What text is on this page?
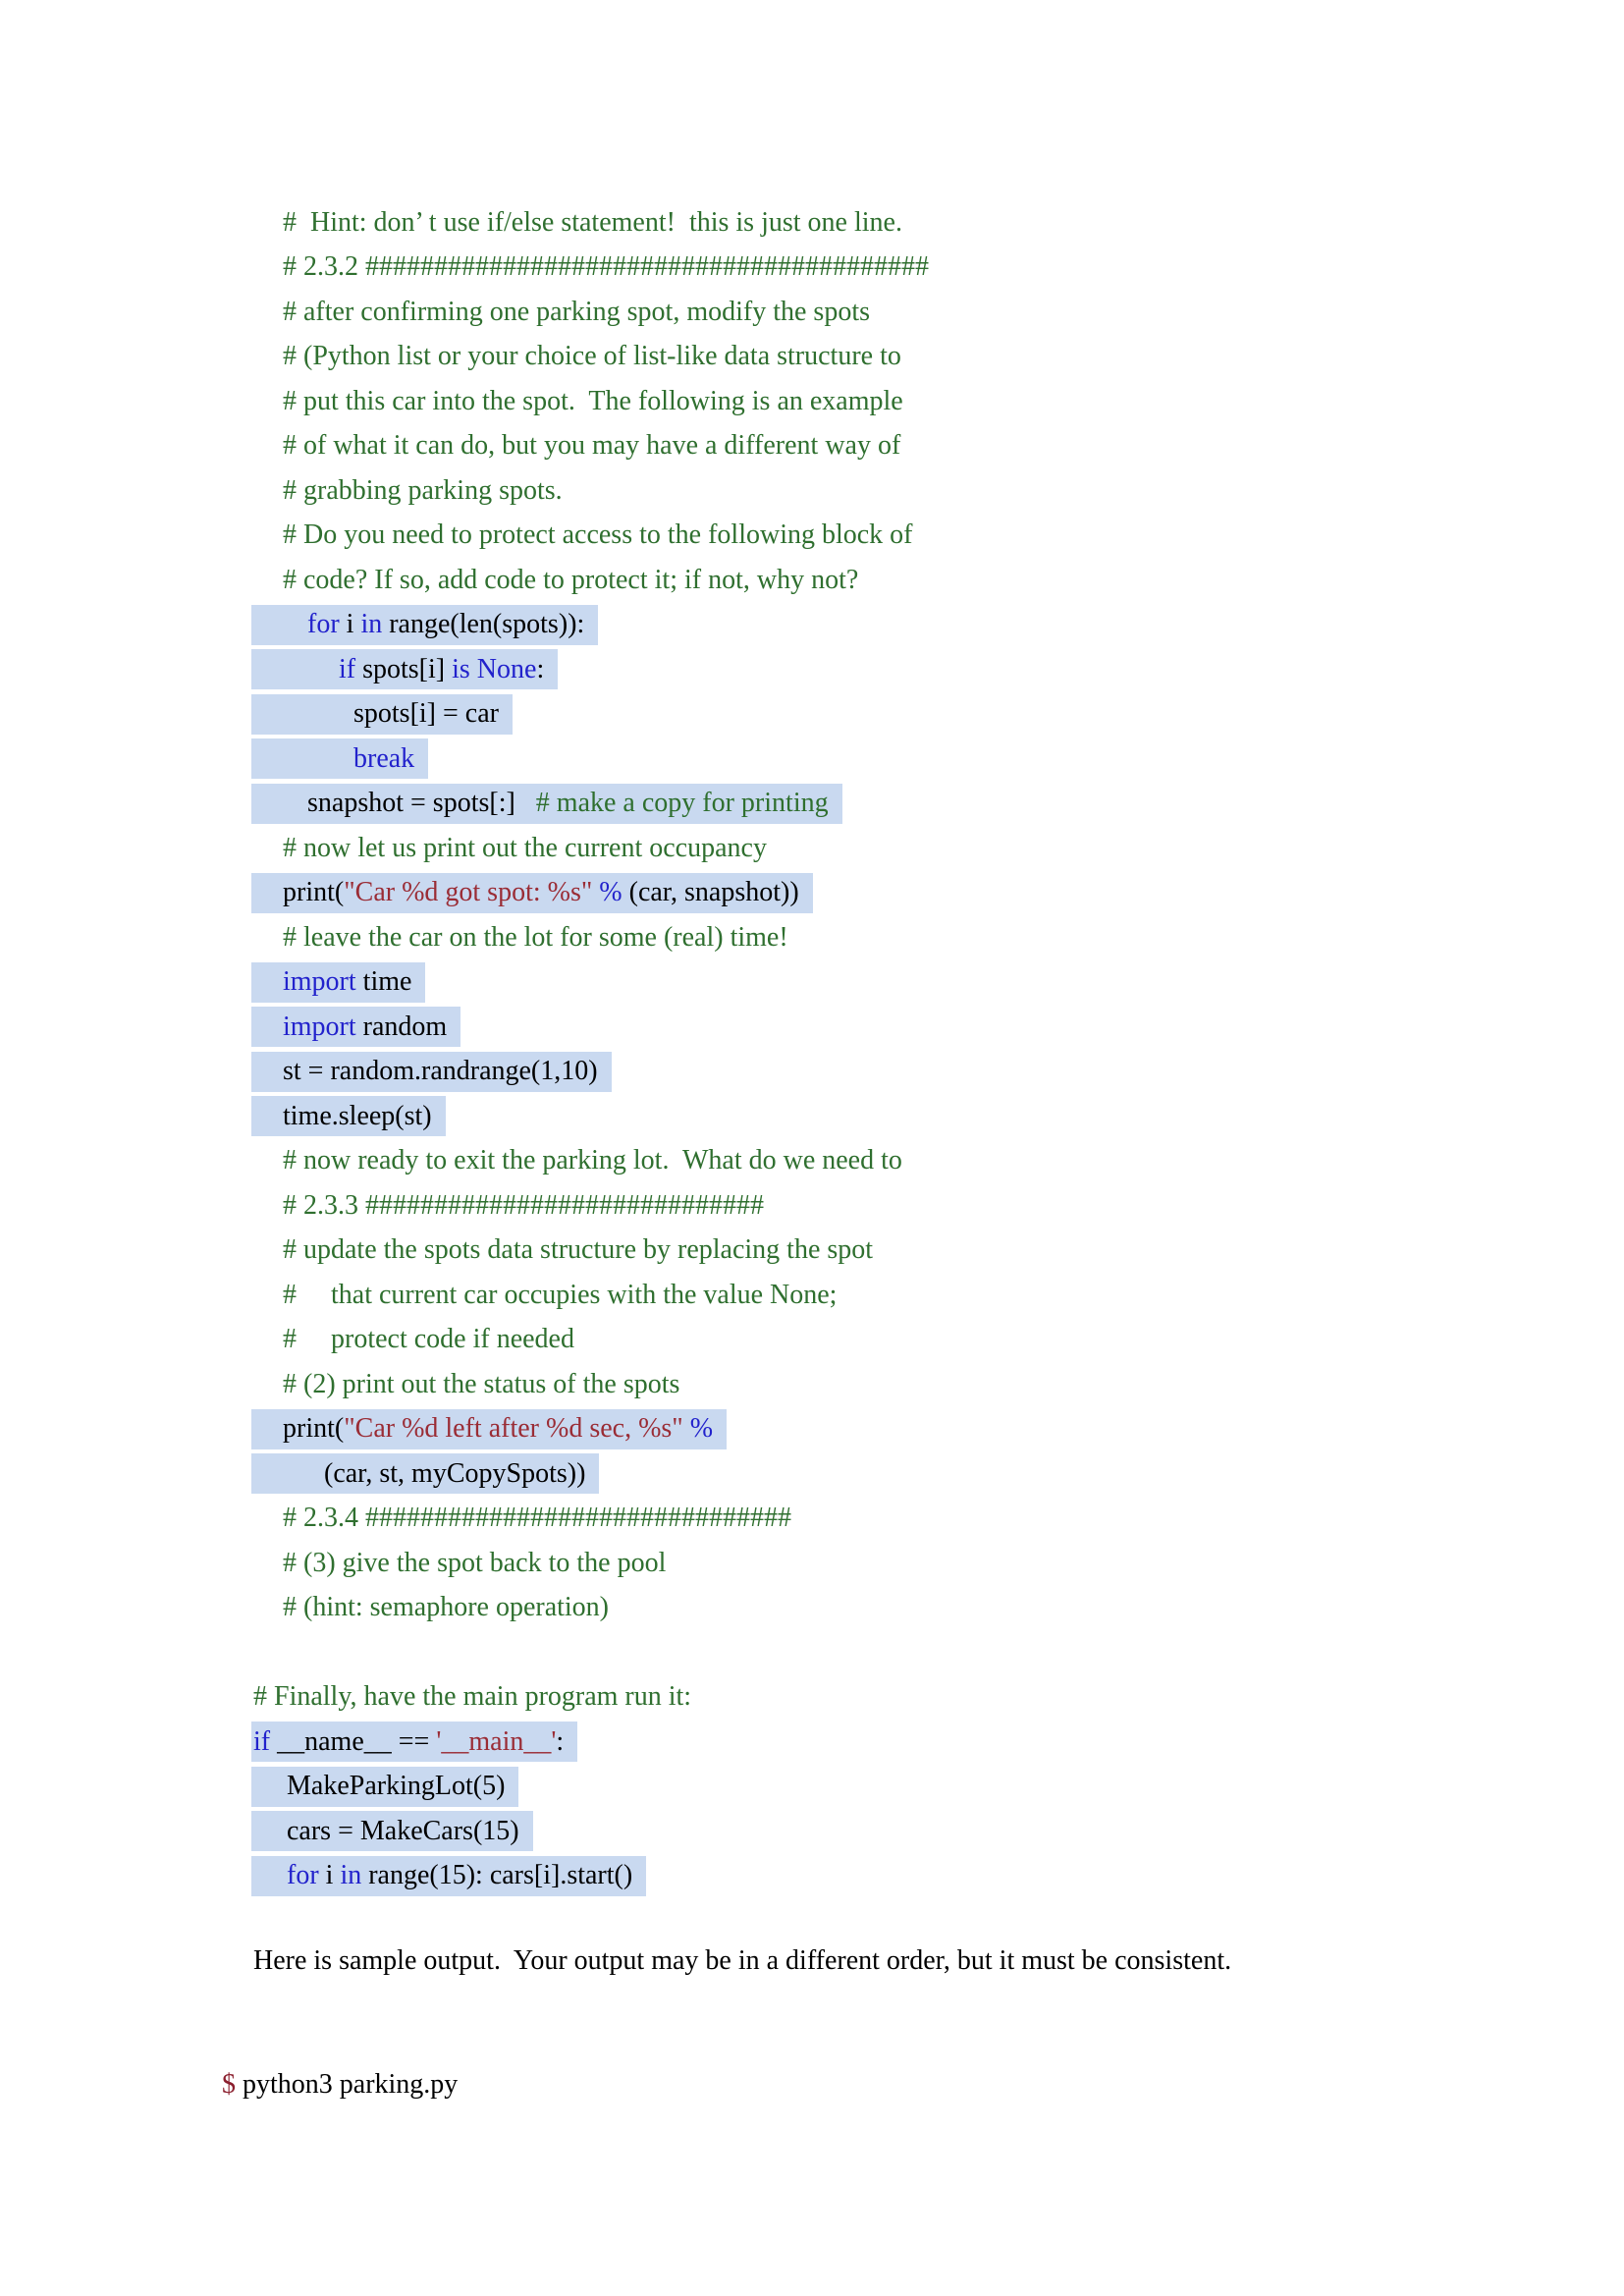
#  Hint: don’ t use if/else statement!  this is just one line.
# 2.3.2 #########################################
# after confirming one parking spot, modify the spots
# (Python list or your choice of list-like data structure to
# put this car into the spot.  The following is an example
# of what it can do, but you may have a different way of
# grabbing parking spots.
# Do you need to protect access to the following block of
# code? If so, add code to protect it; if not, why not?
for i in range(len(spots)):
if spots[i] is
None :
spots[i] = car
break
snapshot = spots[:]
# make a copy for printing
# now let us print out the current occupancy
print( "Car %d got spot: %s"
% (car, snapshot))
# leave the car on the lot for some (real) time!
import time
import random
st = random.randrange(1,10)
time.sleep(st)
# now ready to exit the parking lot.  What do we need to
# 2.3.3 #############################
# update the spots data structure by replacing the spot
#     that current car occupies with the value None;
#     protect code if needed
# (2) print out the status of the spots
print( "Car %d left after %d sec, %s"
%
(car, st, myCopySpots))
# 2.3.4 ###############################
# (3) give the spot back to the pool
# (hint: semaphore operation)
# Finally, have the main program run it:
if __name__ == '__main__' :
MakeParkingLot(5)
cars = MakeCars(15)
for i in range(15): cars[i].start()
Here is sample output.  Your output may be in a different order, but it must be consistent.

$ python3 parking.py
